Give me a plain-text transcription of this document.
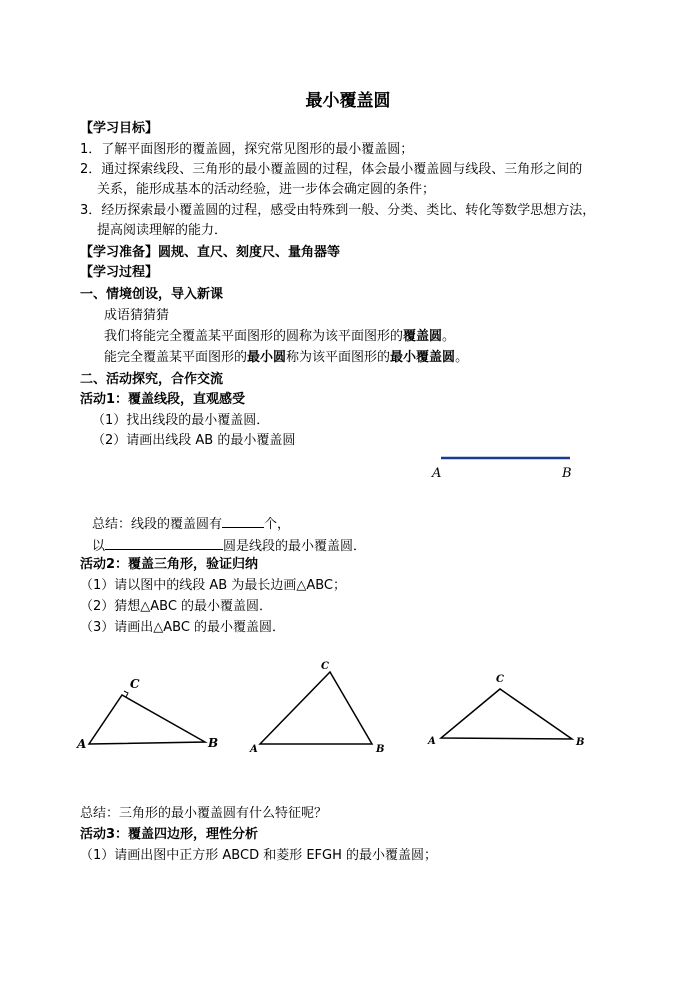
最小覆盖圆
【学习目标】
1．了解平面图形的覆盖圆，探究常见图形的最小覆盖圆；
2．通过探索线段、三角形的最小覆盖圆的过程，体会最小覆盖圆与线段、三角形之间的
关系，能形成基本的活动经验，进一步体会确定圆的条件；
3．经历探索最小覆盖圆的过程，感受由特殊到一般、分类、类比、转化等数学思想方法，
提高阅读理解的能力．
【学习准备】圆规、直尺、刻度尺、量角器等
【学习过程】
一、情境创设，导入新课
成语猜猜猜
我们将能完全覆盖某平面图形的圆称为该平面图形的覆盖圆。
能完全覆盖某平面图形的最小圆称为该平面图形的最小覆盖圆。
二、活动探究，合作交流
活动1：覆盖线段，直观感受
（1）找出线段的最小覆盖圆．
（2）请画出线段 AB 的最小覆盖圆
A	B
A	B
C
A	B
C
A	B
C
总结：线段的覆盖圆有	个，
以	圆是线段的最小覆盖圆．
活动2：覆盖三角形，验证归纳
（1）请以图中的线段 AB 为最长边画△ABC；
（2）猜想△ABC 的最小覆盖圆．
（3）请画出△ABC 的最小覆盖圆．
总结：三角形的最小覆盖圆有什么特征呢？
活动3：覆盖四边形，理性分析
（1）请画出图中正方形 ABCD 和菱形 EFGH 的最小覆盖圆；
